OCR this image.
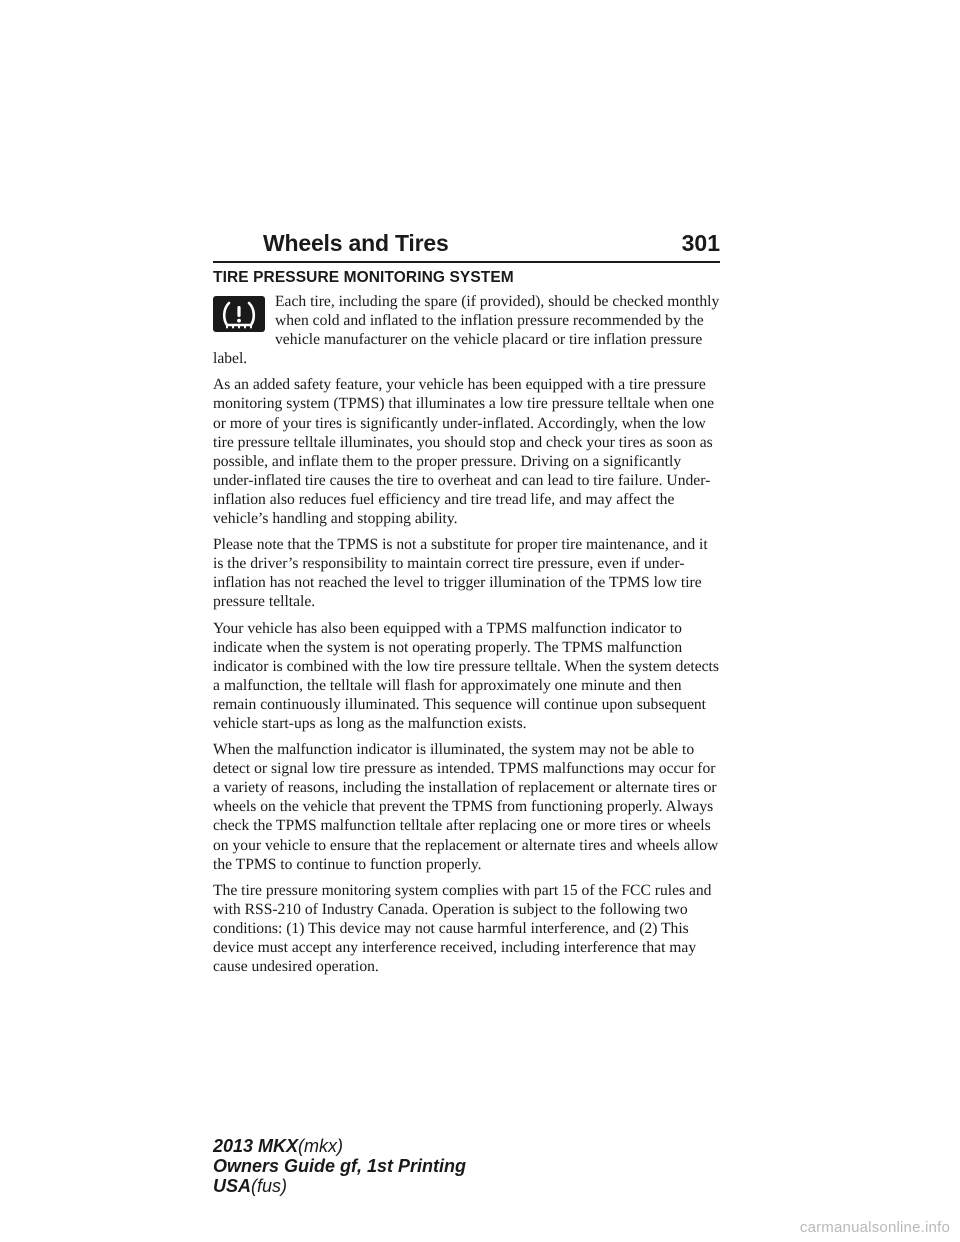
Wheels and Tires	301
TIRE PRESSURE MONITORING SYSTEM

Each tire, including the spare (if provided), should be checked monthly when cold and inflated to the inflation pressure recommended by the vehicle manufacturer on the vehicle placard or tire inflation pressure label.

As an added safety feature, your vehicle has been equipped with a tire pressure monitoring system (TPMS) that illuminates a low tire pressure telltale when one or more of your tires is significantly under-inflated. Accordingly, when the low tire pressure telltale illuminates, you should stop and check your tires as soon as possible, and inflate them to the proper pressure. Driving on a significantly under-inflated tire causes the tire to overheat and can lead to tire failure. Under-inflation also reduces fuel efficiency and tire tread life, and may affect the vehicle’s handling and stopping ability.

Please note that the TPMS is not a substitute for proper tire maintenance, and it is the driver’s responsibility to maintain correct tire pressure, even if under-inflation has not reached the level to trigger illumination of the TPMS low tire pressure telltale.

Your vehicle has also been equipped with a TPMS malfunction indicator to indicate when the system is not operating properly. The TPMS malfunction indicator is combined with the low tire pressure telltale. When the system detects a malfunction, the telltale will flash for approximately one minute and then remain continuously illuminated. This sequence will continue upon subsequent vehicle start-ups as long as the malfunction exists.

When the malfunction indicator is illuminated, the system may not be able to detect or signal low tire pressure as intended. TPMS malfunctions may occur for a variety of reasons, including the installation of replacement or alternate tires or wheels on the vehicle that prevent the TPMS from functioning properly. Always check the TPMS malfunction telltale after replacing one or more tires or wheels on your vehicle to ensure that the replacement or alternate tires and wheels allow the TPMS to continue to function properly.

The tire pressure monitoring system complies with part 15 of the FCC rules and with RSS-210 of Industry Canada. Operation is subject to the following two conditions: (1) This device may not cause harmful interference, and (2) This device must accept any interference received, including interference that may cause undesired operation.

2013 MKX(mkx)
Owners Guide gf, 1st Printing
USA(fus)
carmanualsonline.info
